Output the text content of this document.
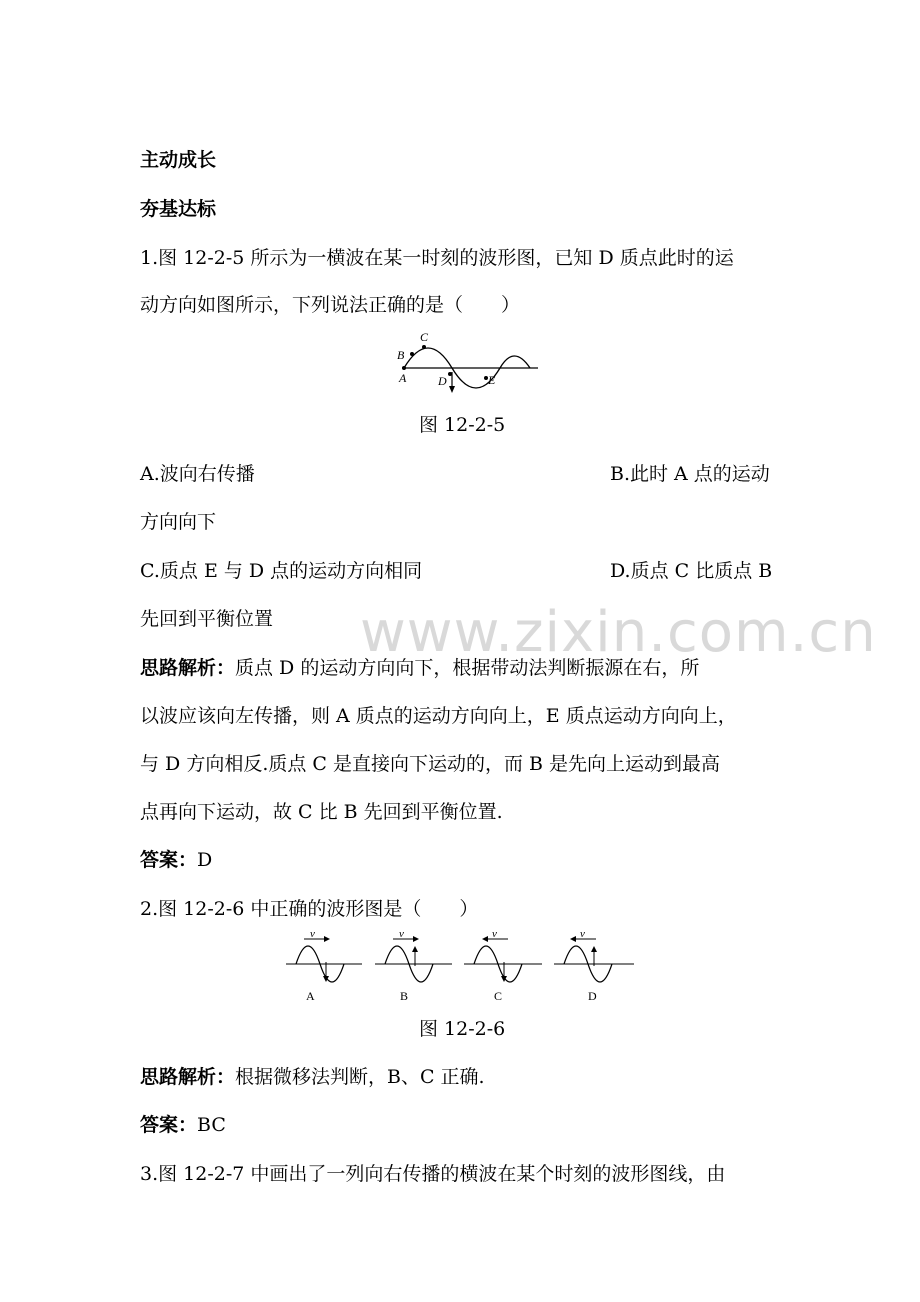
主动成长
夯基达标
1.图 12-2-5 所示为一横波在某一时刻的波形图，已知 D 质点此时的运
动方向如图所示，下列说法正确的是（　　）
A
B
C
D	E
图 12-2-5
A.波向右传播	B.此时 A 点的运动
方向向下
C.质点 E 与 D 点的运动方向相同	D.质点 C 比质点 B
先回到平衡位置
思路解析：质点 D 的运动方向向下，根据带动法判断振源在右，所
以波应该向左传播，则 A 质点的运动方向向上，E 质点运动方向向上，
与 D 方向相反.质点 C 是直接向下运动的，而 B 是先向上运动到最高
点再向下运动，故 C 比 B 先回到平衡位置.
答案：D
2.图 12-2-6 中正确的波形图是（　　）
v
A
v
B
v
C
v
D
图 12-2-6
思路解析：根据微移法判断，B、C 正确.
答案：BC
3.图 12-2-7 中画出了一列向右传播的横波在某个时刻的波形图线，由
www.zixin.com.cn
